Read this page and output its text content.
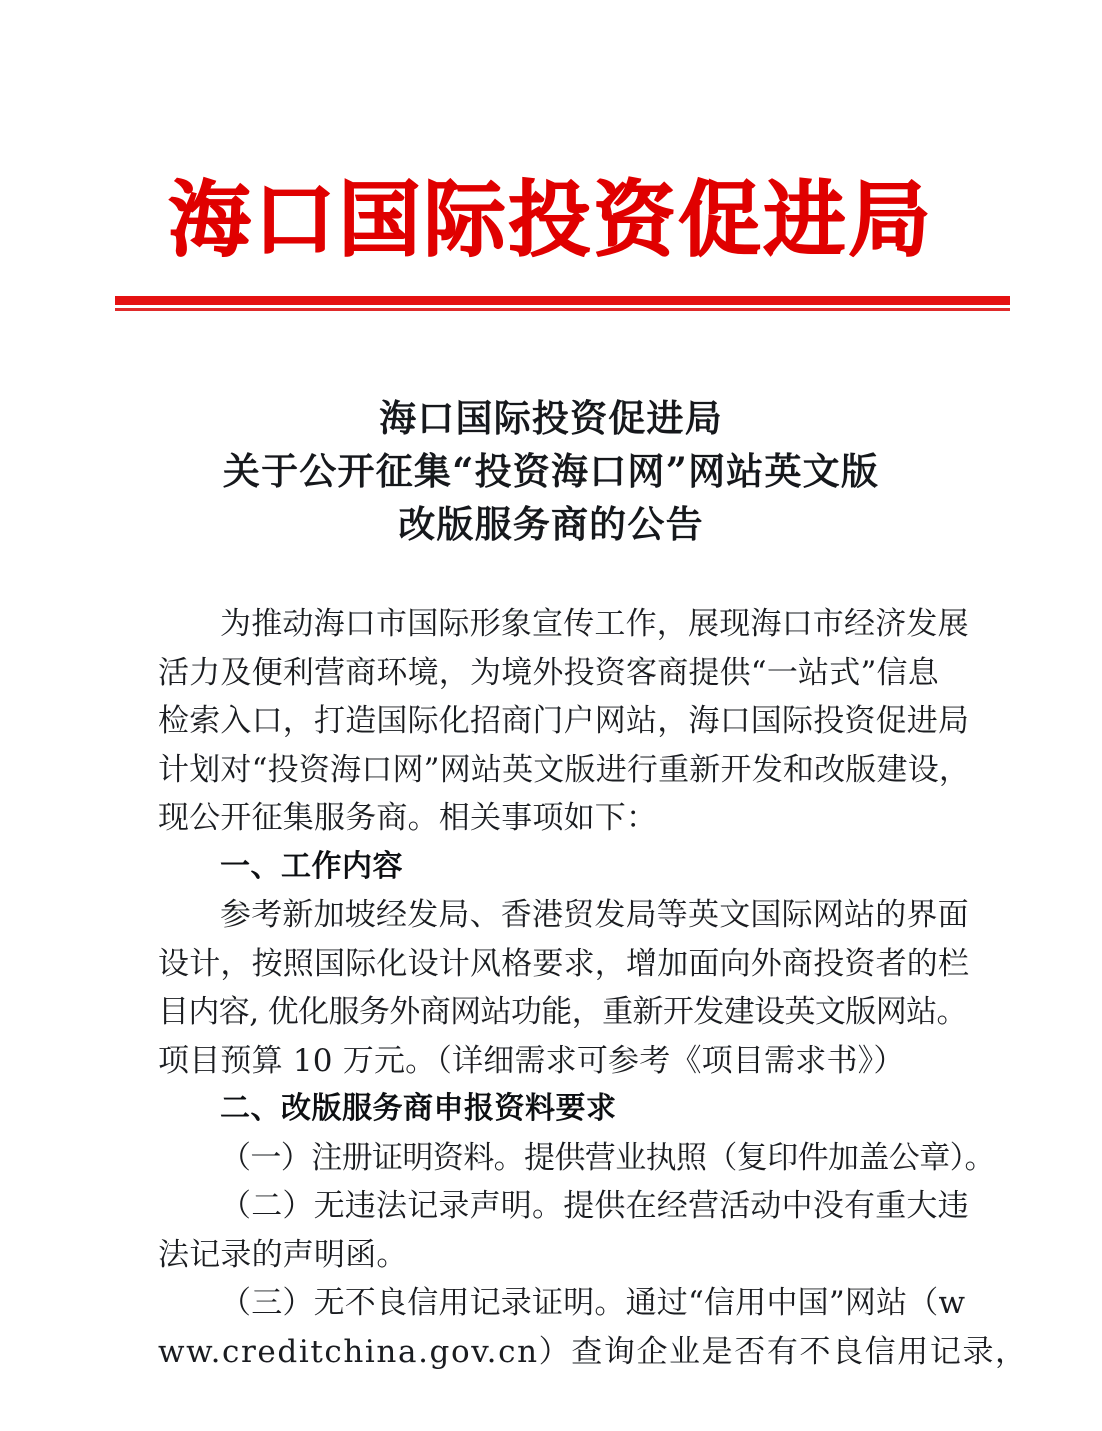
海口国际投资促进局
海口国际投资促进局
关于公开征集“投资海口网”网站英文版
改版服务商的公告

为推动海口市国际形象宣传工作，展现海口市经济发展
活力及便利营商环境，为境外投资客商提供“一站式”信息
检索入口，打造国际化招商门户网站，海口国际投资促进局
计划对“投资海口网”网站英文版进行重新开发和改版建设，
现公开征集服务商。相关事项如下：

一、工作内容

参考新加坡经发局、香港贸发局等英文国际网站的界面
设计，按照国际化设计风格要求，增加面向外商投资者的栏
目内容, 优化服务外商网站功能，重新开发建设英文版网站。
项目预算 10 万元。（详细需求可参考《项目需求书》）

二、改版服务商申报资料要求

（一）注册证明资料。提供营业执照（复印件加盖公章）。

（二）无违法记录声明。提供在经营活动中没有重大违
法记录的声明函。

（三）无不良信用记录证明。通过“信用中国”网站（w
ww.creditchina.gov.cn）查询企业是否有不良信用记录，
